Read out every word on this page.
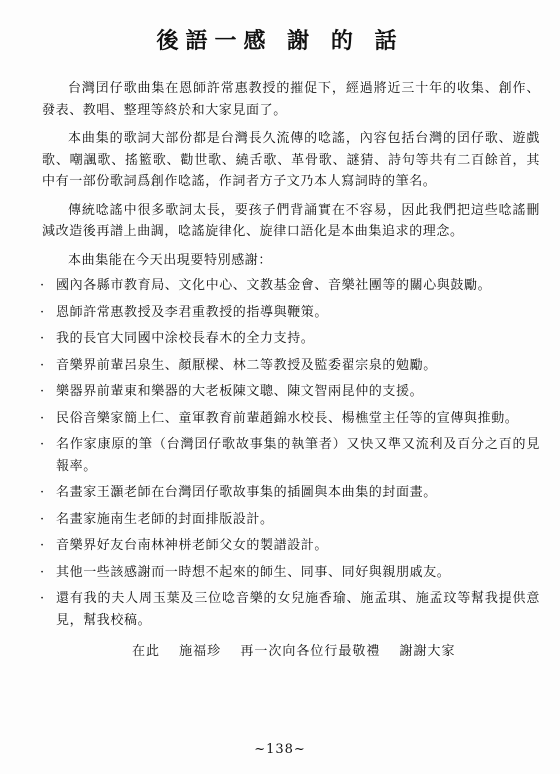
後語一感 謝 的 話

台灣囝仔歌曲集在恩師許常惠教授的摧促下，經過將近三十年的收集、創作、發表、教唱、整理等終於和大家見面了。

本曲集的歌詞大部份都是台灣長久流傳的唸謠，內容包括台灣的囝仔歌、遊戲歌、嘲諷歌、搖籃歌、勸世歌、繞舌歌、革骨歌、謎猜、詩句等共有二百餘首，其中有一部份歌詞爲創作唸謠，作詞者方子文乃本人寫詞時的筆名。

傳統唸謠中很多歌詞太長，要孩子們背誦實在不容易，因此我們把這些唸謠刪減改造後再譜上曲調，唸謠旋律化、旋律口語化是本曲集追求的理念。

本曲集能在今天出現要特別感謝：

· 國內各縣市教育局、文化中心、文教基金會、音樂社團等的關心與鼓勵。
· 恩師許常惠教授及李君重教授的指導與鞭策。
· 我的長官大同國中涂校長春木的全力支持。
· 音樂界前輩呂泉生、顏厭樑、林二等教授及監委翟宗泉的勉勵。
· 樂器界前輩東和樂器的大老板陳文聰、陳文智兩昆仲的支援。
· 民俗音樂家簡上仁、童軍教育前輩趙錦水校長、楊樵堂主任等的宣傳與推動。
· 名作家康原的筆（台灣囝仔歌故事集的執筆者）又快又準又流利及百分之百的見報率。
· 名畫家王灝老師在台灣囝仔歌故事集的插圖與本曲集的封面畫。
· 名畫家施南生老師的封面排版設計。
· 音樂界好友台南林神栟老師父女的製譜設計。
· 其他一些該感謝而一時想不起來的師生、同事、同好與親朋戚友。
· 還有我的夫人周玉葉及三位唸音樂的女兒施香瑜、施孟琪、施孟玟等幫我提供意見，幫我校稿。

在此 施福珍 再一次向各位行最敬禮 謝謝大家

~138~
